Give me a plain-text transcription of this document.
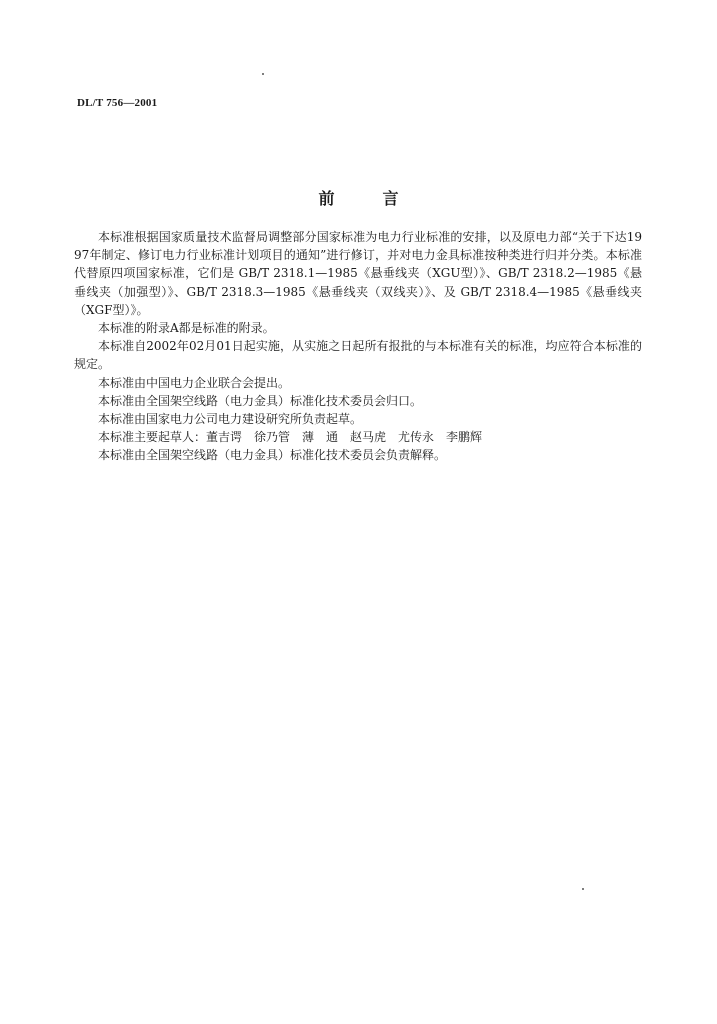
DL/T 756—2001
前言

本标准根据国家质量技术监督局调整部分国家标准为电力行业标准的安排，以及原电力部“关于下达1997年制定、修订电力行业标准计划项目的通知”进行修订，并对电力金具标准按种类进行归并分类。本标准代替原四项国家标准，它们是 GB/T 2318.1—1985《悬垂线夹（XGU型）》、GB/T 2318.2—1985《悬垂线夹（加强型）》、GB/T 2318.3—1985《悬垂线夹（双线夹）》、及 GB/T 2318.4—1985《悬垂线夹（XGF型）》。

本标准的附录A都是标准的附录。

本标准自2002年02月01日起实施，从实施之日起所有报批的与本标准有关的标准，均应符合本标准的规定。

本标准由中国电力企业联合会提出。

本标准由全国架空线路（电力金具）标准化技术委员会归口。

本标准由国家电力公司电力建设研究所负责起草。

本标准主要起草人：董吉谔　徐乃管　薄　通　赵马虎　尤传永　李鹏辉

本标准由全国架空线路（电力金具）标准化技术委员会负责解释。
